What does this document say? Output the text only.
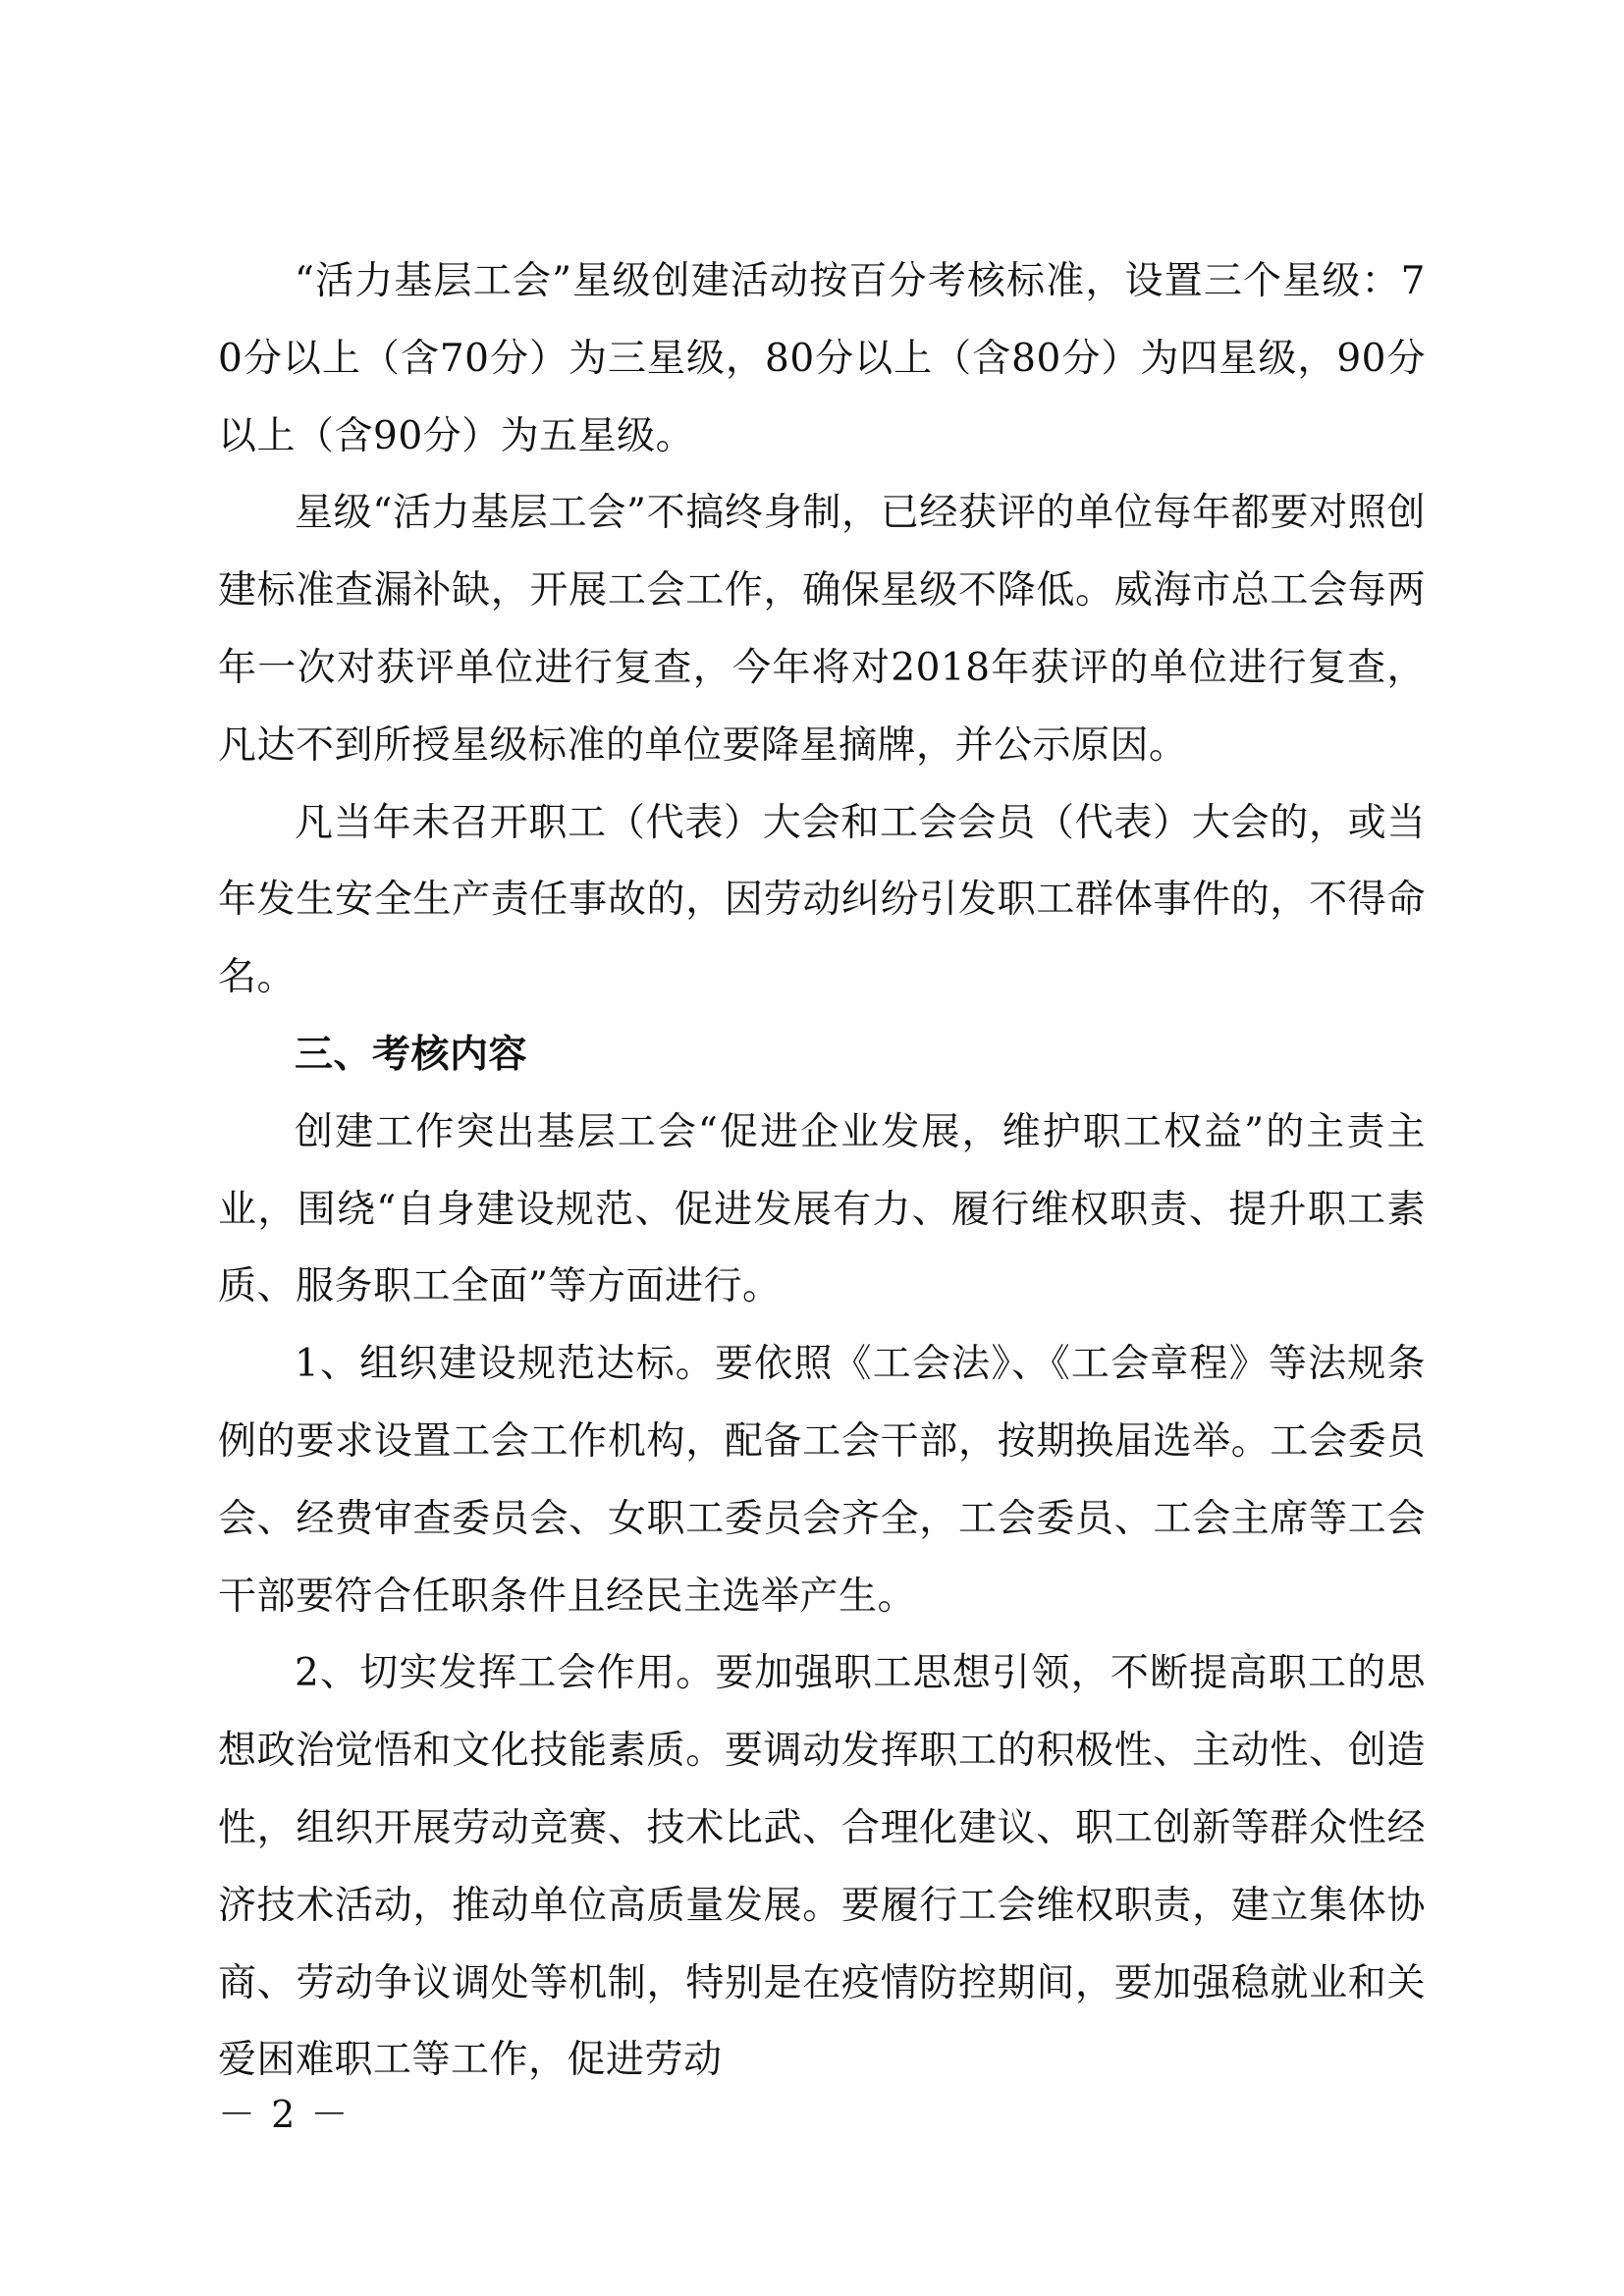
“活力基层工会”星级创建活动按百分考核标准，设置三个星级：70分以上（含70分）为三星级，80分以上（含80分）为四星级，90分以上（含90分）为五星级。

星级“活力基层工会”不搞终身制，已经获评的单位每年都要对照创建标准查漏补缺，开展工会工作，确保星级不降低。威海市总工会每两年一次对获评单位进行复查，今年将对2018年获评的单位进行复查，凡达不到所授星级标准的单位要降星摘牌，并公示原因。

凡当年未召开职工（代表）大会和工会会员（代表）大会的，或当年发生安全生产责任事故的，因劳动纠纷引发职工群体事件的，不得命名。

三、考核内容

创建工作突出基层工会“促进企业发展，维护职工权益”的主责主业，围绕“自身建设规范、促进发展有力、履行维权职责、提升职工素质、服务职工全面”等方面进行。

1、组织建设规范达标。要依照《工会法》、《工会章程》等法规条例的要求设置工会工作机构，配备工会干部，按期换届选举。工会委员会、经费审查委员会、女职工委员会齐全，工会委员、工会主席等工会干部要符合任职条件且经民主选举产生。

2、切实发挥工会作用。要加强职工思想引领，不断提高职工的思想政治觉悟和文化技能素质。要调动发挥职工的积极性、主动性、创造性，组织开展劳动竞赛、技术比武、合理化建议、职工创新等群众性经济技术活动，推动单位高质量发展。要履行工会维权职责，建立集体协商、劳动争议调处等机制，特别是在疫情防控期间，要加强稳就业和关爱困难职工等工作，促进劳动

－ 2 －
